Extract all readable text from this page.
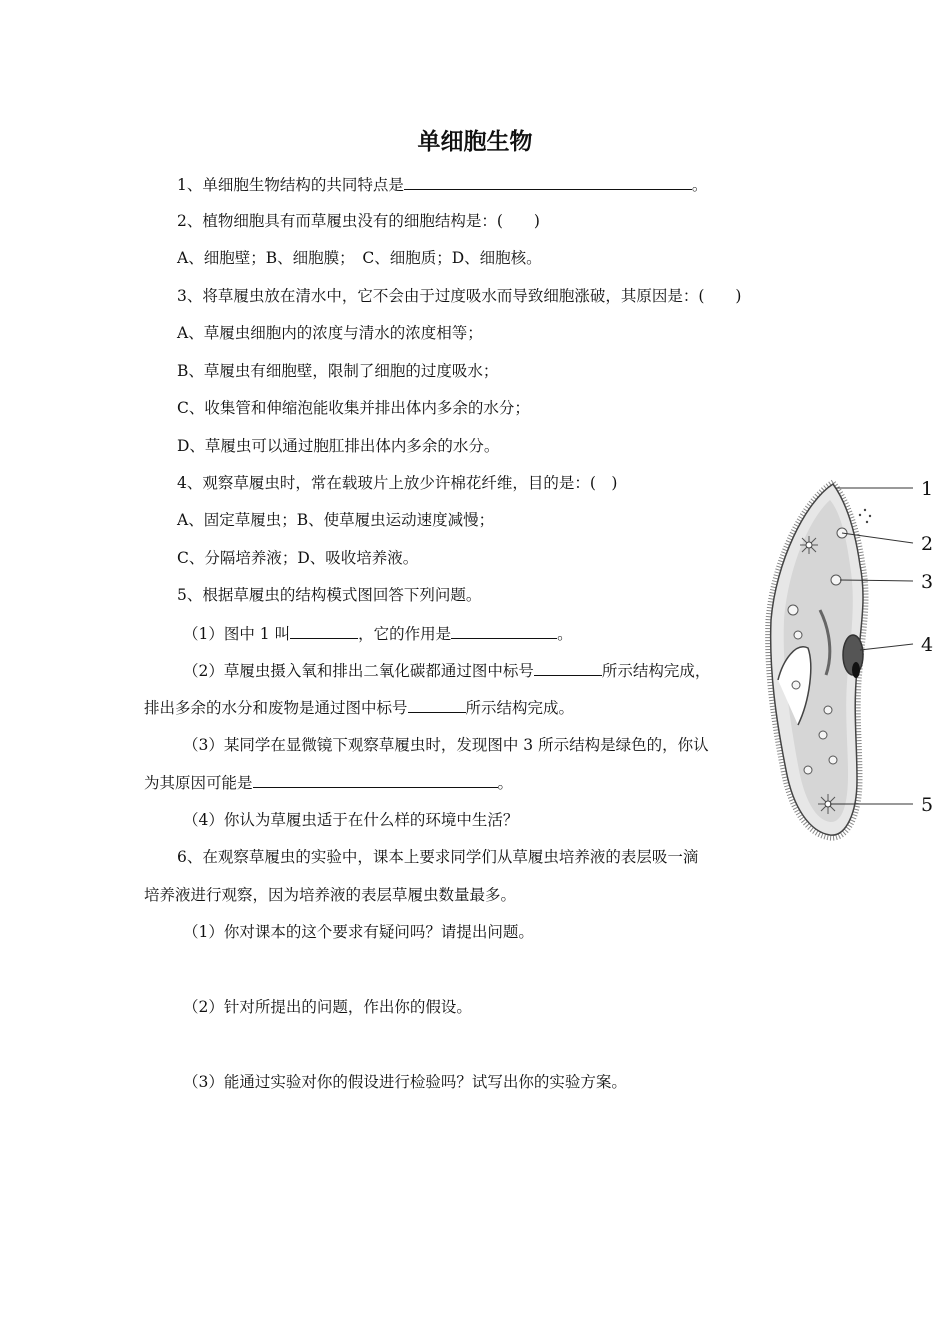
单细胞生物
1、单细胞生物结构的共同特点是	。
2、植物细胞具有而草履虫没有的细胞结构是：(　　)
A、细胞壁；B、细胞膜；　C、细胞质；D、细胞核。
3、将草履虫放在清水中，它不会由于过度吸水而导致细胞涨破，其原因是：(　　)
A、草履虫细胞内的浓度与清水的浓度相等；
B、草履虫有细胞壁，限制了细胞的过度吸水；
C、收集管和伸缩泡能收集并排出体内多余的水分；
D、草履虫可以通过胞肛排出体内多余的水分。
4、观察草履虫时，常在载玻片上放少许棉花纤维，目的是：(　)
A、固定草履虫；B、使草履虫运动速度减慢；
C、分隔培养液；D、吸收培养液。
5、根据草履虫的结构模式图回答下列问题。
（1）图中 1 叫	，它的作用是	。
（2）草履虫摄入氧和排出二氧化碳都通过图中标号	所示结构完成，
排出多余的水分和废物是通过图中标号	所示结构完成。
（3）某同学在显微镜下观察草履虫时，发现图中 3 所示结构是绿色的，你认
为其原因可能是	。
（4）你认为草履虫适于在什么样的环境中生活？
6、在观察草履虫的实验中，课本上要求同学们从草履虫培养液的表层吸一滴
培养液进行观察，因为培养液的表层草履虫数量最多。
（1）你对课本的这个要求有疑问吗？请提出问题。
（2）针对所提出的问题，作出你的假设。
（3）能通过实验对你的假设进行检验吗？试写出你的实验方案。
1
2
3
4
5
